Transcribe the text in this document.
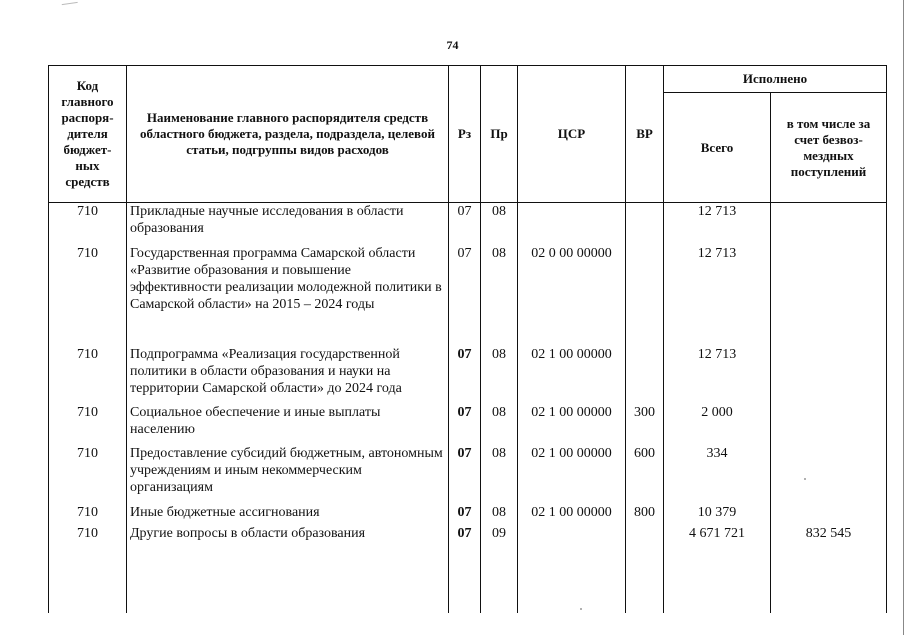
74
Код главного распоря- дителя бюджет- ных средств	Наименование главного распорядителя средств областного бюджета, раздела, подраздела, целевой статьи, подгруппы видов расходов	Рз	Пр	ЦСР	ВР	Исполнено	
						Всего	в том числе за счет безвоз- мездных поступлений
710	Прикладные научные исследования в области образования	07	08			12 713	
710	Государственная программа Самарской области «Развитие образования и повышение эффективности реализации молодежной политики в Самарской области» на 2015 – 2024 годы	07	08	02 0 00 00000		12 713	
710	Подпрограмма «Реализация государственной политики в области образования и науки на территории Самарской области» до 2024 года	07	08	02 1 00 00000		12 713	
710	Социальное обеспечение и иные выплаты населению	07	08	02 1 00 00000	300	2 000	
710	Предоставление субсидий бюджетным, автономным учреждениям и иным некоммерческим организациям	07	08	02 1 00 00000	600	334	
710	Иные бюджетные ассигнования	07	08	02 1 00 00000	800	10 379	
710	Другие вопросы в области образования	07	09			4 671 721	832 545
